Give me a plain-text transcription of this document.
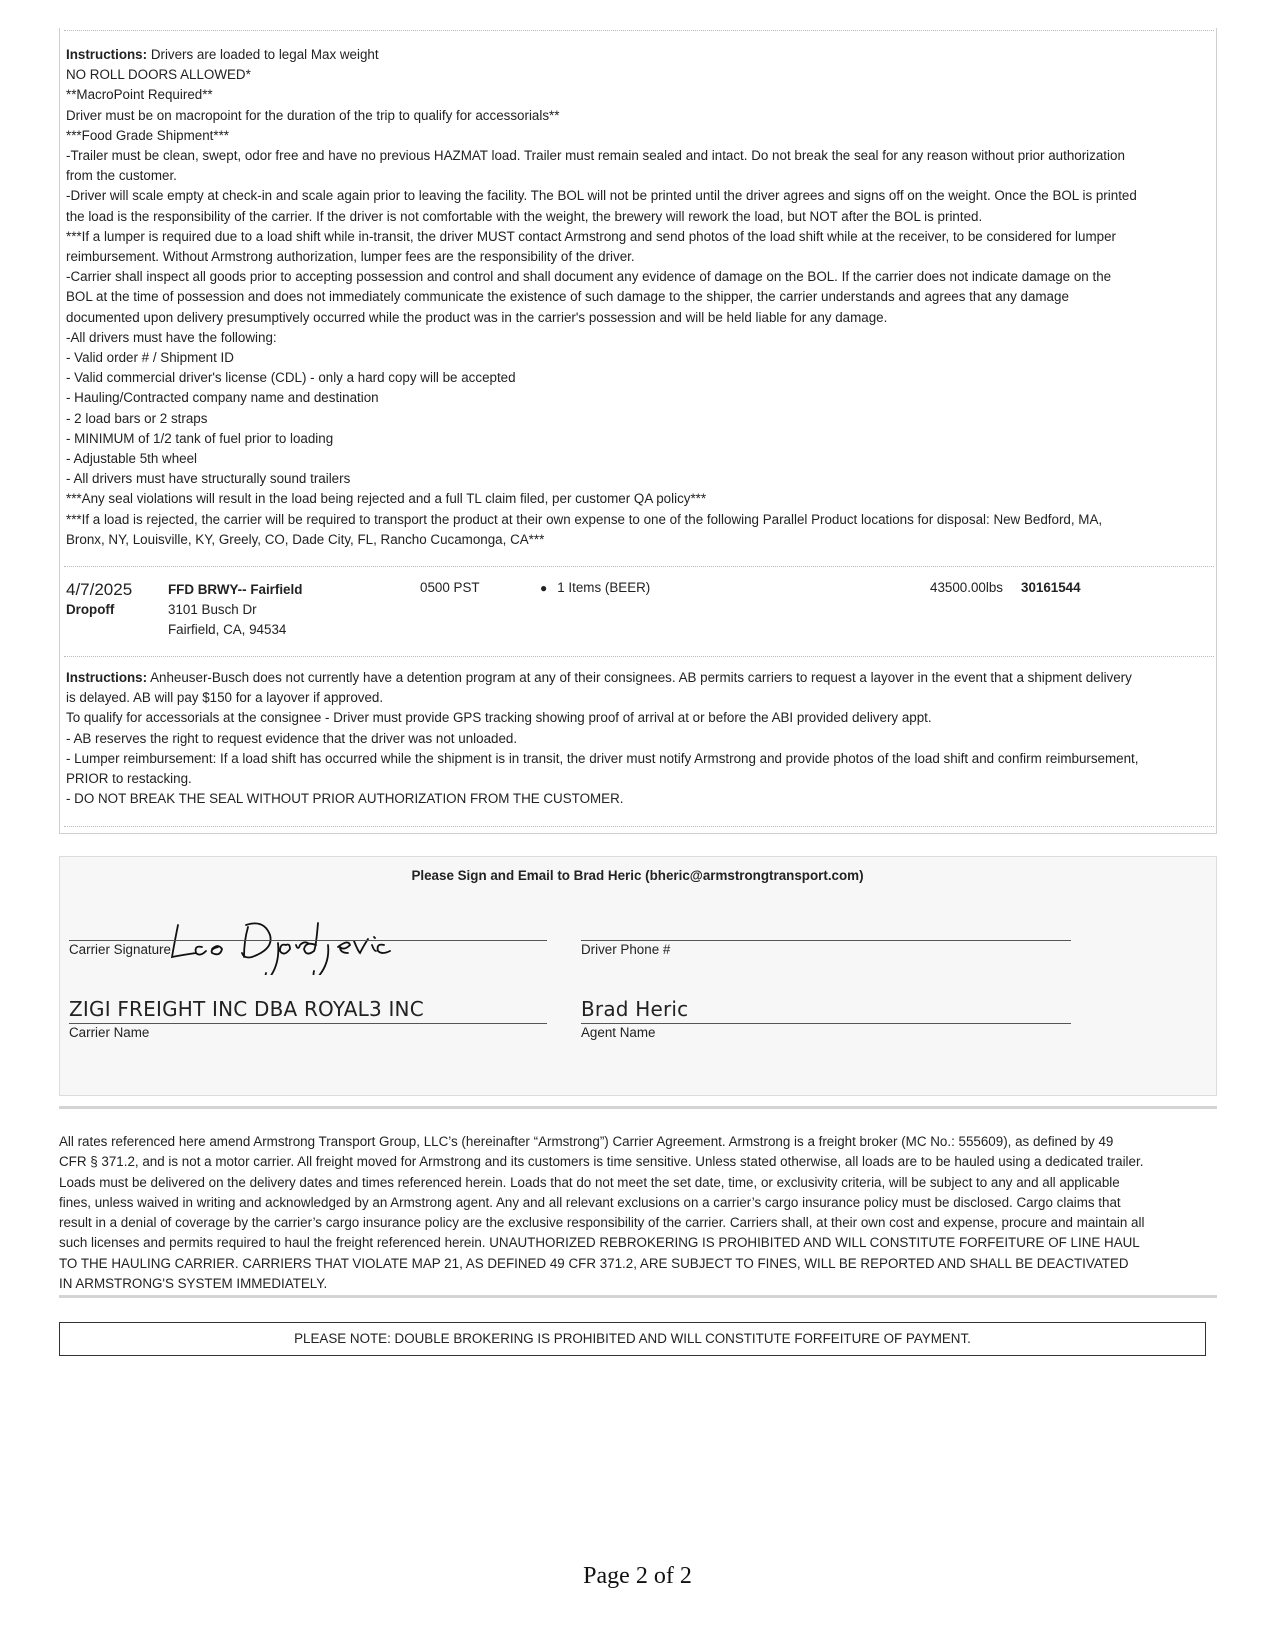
Instructions: Drivers are loaded to legal Max weight
NO ROLL DOORS ALLOWED*
**MacroPoint Required**
Driver must be on macropoint for the duration of the trip to qualify for accessorials**
***Food Grade Shipment***
-Trailer must be clean, swept, odor free and have no previous HAZMAT load. Trailer must remain sealed and intact. Do not break the seal for any reason without prior authorization
from the customer.
-Driver will scale empty at check-in and scale again prior to leaving the facility. The BOL will not be printed until the driver agrees and signs off on the weight. Once the BOL is printed
the load is the responsibility of the carrier. If the driver is not comfortable with the weight, the brewery will rework the load, but NOT after the BOL is printed.
***If a lumper is required due to a load shift while in-transit, the driver MUST contact Armstrong and send photos of the load shift while at the receiver, to be considered for lumper
reimbursement. Without Armstrong authorization, lumper fees are the responsibility of the driver.
-Carrier shall inspect all goods prior to accepting possession and control and shall document any evidence of damage on the BOL. If the carrier does not indicate damage on the
BOL at the time of possession and does not immediately communicate the existence of such damage to the shipper, the carrier understands and agrees that any damage
documented upon delivery presumptively occurred while the product was in the carrier's possession and will be held liable for any damage.
-All drivers must have the following:
- Valid order # / Shipment ID
- Valid commercial driver's license (CDL) - only a hard copy will be accepted
- Hauling/Contracted company name and destination
- 2 load bars or 2 straps
- MINIMUM of 1/2 tank of fuel prior to loading
- Adjustable 5th wheel
- All drivers must have structurally sound trailers
***Any seal violations will result in the load being rejected and a full TL claim filed, per customer QA policy***
***If a load is rejected, the carrier will be required to transport the product at their own expense to one of the following Parallel Product locations for disposal: New Bedford, MA,
Bronx, NY, Louisville, KY, Greely, CO, Dade City, FL, Rancho Cucamonga, CA***
4/7/2025
Dropoff
FFD BRWY-- Fairfield
3101 Busch Dr
Fairfield, CA, 94534
0500 PST	● 1 Items (BEER)	43500.00lbs 30161544
Instructions: Anheuser-Busch does not currently have a detention program at any of their consignees. AB permits carriers to request a layover in the event that a shipment delivery
is delayed. AB will pay $150 for a layover if approved.
To qualify for accessorials at the consignee - Driver must provide GPS tracking showing proof of arrival at or before the ABI provided delivery appt.
- AB reserves the right to request evidence that the driver was not unloaded.
- Lumper reimbursement: If a load shift has occurred while the shipment is in transit, the driver must notify Armstrong and provide photos of the load shift and confirm reimbursement,
PRIOR to restacking.
- DO NOT BREAK THE SEAL WITHOUT PRIOR AUTHORIZATION FROM THE CUSTOMER.
Please Sign and Email to Brad Heric (bheric@armstrongtransport.com)
Carrier Signature	Driver Phone #
ZIGI FREIGHT INC DBA ROYAL3 INC
Carrier Name
Brad Heric
Agent Name
All rates referenced here amend Armstrong Transport Group, LLC’s (hereinafter “Armstrong”) Carrier Agreement. Armstrong is a freight broker (MC No.: 555609), as defined by 49
CFR § 371.2, and is not a motor carrier. All freight moved for Armstrong and its customers is time sensitive. Unless stated otherwise, all loads are to be hauled using a dedicated trailer.
Loads must be delivered on the delivery dates and times referenced herein. Loads that do not meet the set date, time, or exclusivity criteria, will be subject to any and all applicable
fines, unless waived in writing and acknowledged by an Armstrong agent. Any and all relevant exclusions on a carrier’s cargo insurance policy must be disclosed. Cargo claims that
result in a denial of coverage by the carrier’s cargo insurance policy are the exclusive responsibility of the carrier. Carriers shall, at their own cost and expense, procure and maintain all
such licenses and permits required to haul the freight referenced herein. UNAUTHORIZED REBROKERING IS PROHIBITED AND WILL CONSTITUTE FORFEITURE OF LINE HAUL
TO THE HAULING CARRIER. CARRIERS THAT VIOLATE MAP 21, AS DEFINED 49 CFR 371.2, ARE SUBJECT TO FINES, WILL BE REPORTED AND SHALL BE DEACTIVATED
IN ARMSTRONG'S SYSTEM IMMEDIATELY.
PLEASE NOTE: DOUBLE BROKERING IS PROHIBITED AND WILL CONSTITUTE FORFEITURE OF PAYMENT.
Page 2 of 2
